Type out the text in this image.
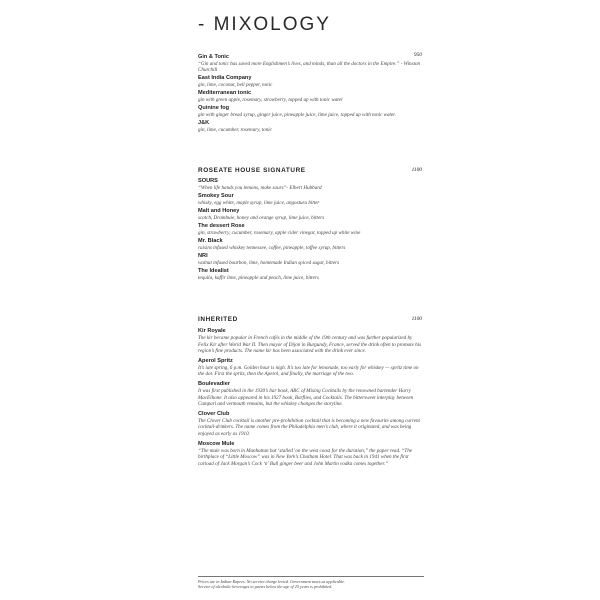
- MIXOLOGY
950
Gin & Tonic
“Gin and tonic has saved more Englishmen’s lives, and minds, than all the doctors in the Empire.” - Winston Churchill
East India Company
gin, lime, coconut, bell pepper, tonic
Mediterranean tonic
gin with green apple, rosemary, strawberry, topped up with tonic water
Quinine fog
gin with ginger bread syrup, ginger juice, pineapple juice, lime juice, topped up with tonic water.
J&K
gin, lime, cucumber, rosemary, tonic
ROSEATE HOUSE SIGNATURE	1100
SOURS
“When life hands you lemons, make sours”- Elbert Hubbard
Smokey Sour
whisky, egg white, maple syrup, lime juice, angostura bitter
Malt and Honey
scotch, Drambuie, honey and orange syrup, lime juice, bitters
The dessert Rose
gin, strawberry, cucumber, rosemary, apple cider vinegar, topped up white wine
Mr. Black
raisins infused whiskey tennessee, coffee, pineapple, toffee syrup, bitters
NRI
walnut infused bourbon, lime, homemade Indian spiced sugar, bitters
The Idealist
tequila, kaffir lime, pineapple and peach, lime juice, bitters
INHERITED	1100
Kir Royale
The kir became popular in French cafés in the middle of the 19th century and was further popularized by Felix Kir after World War II. Then mayor of Dijon in Burgundy, France, served the drink often to promote his region’s fine products. The name kir has been associated with the drink ever since.
Aperol Spritz
It’s late spring, 6 p.m. Golden hour is nigh. It’s too late for lemonade, too early for whiskey — spritz time on the dot. First the spritz, then the Aperol, and finally, the marriage of the two.
Boulevadier
It was first published in the 1930’s bar book, ABC of Mixing Cocktails by the renowned bartender Harry MacElhone. It also appeared in his 1927 book, Barflies, and Cocktails. The bittersweet interplay between Campari and vermouth remains, but the whiskey changes the storyline.
Clover Club
The Clover Club cocktail is another pre-prohibition cocktail that is becoming a new favourite among current cocktail-drinkers. The name comes from the Philadelphia men’s club, where it originated, and was being enjoyed as early as 1910.
Moscow Mule
“The mule was born in Manhattan but ‘stalled’ on the west coast for the duration,” the paper read. “The birthplace of “Little Moscow” was in New York’s Chatham Hotel. That was back in 1941 when the first carload of Jack Morgan’s Cock ‘n’ Bull ginger beer and John Martin vodka comes together.”
Prices are in Indian Rupees. No service charge levied. Government taxes as applicable.
Service of alcoholic beverages to guests below the age of 25 years is prohibited.
